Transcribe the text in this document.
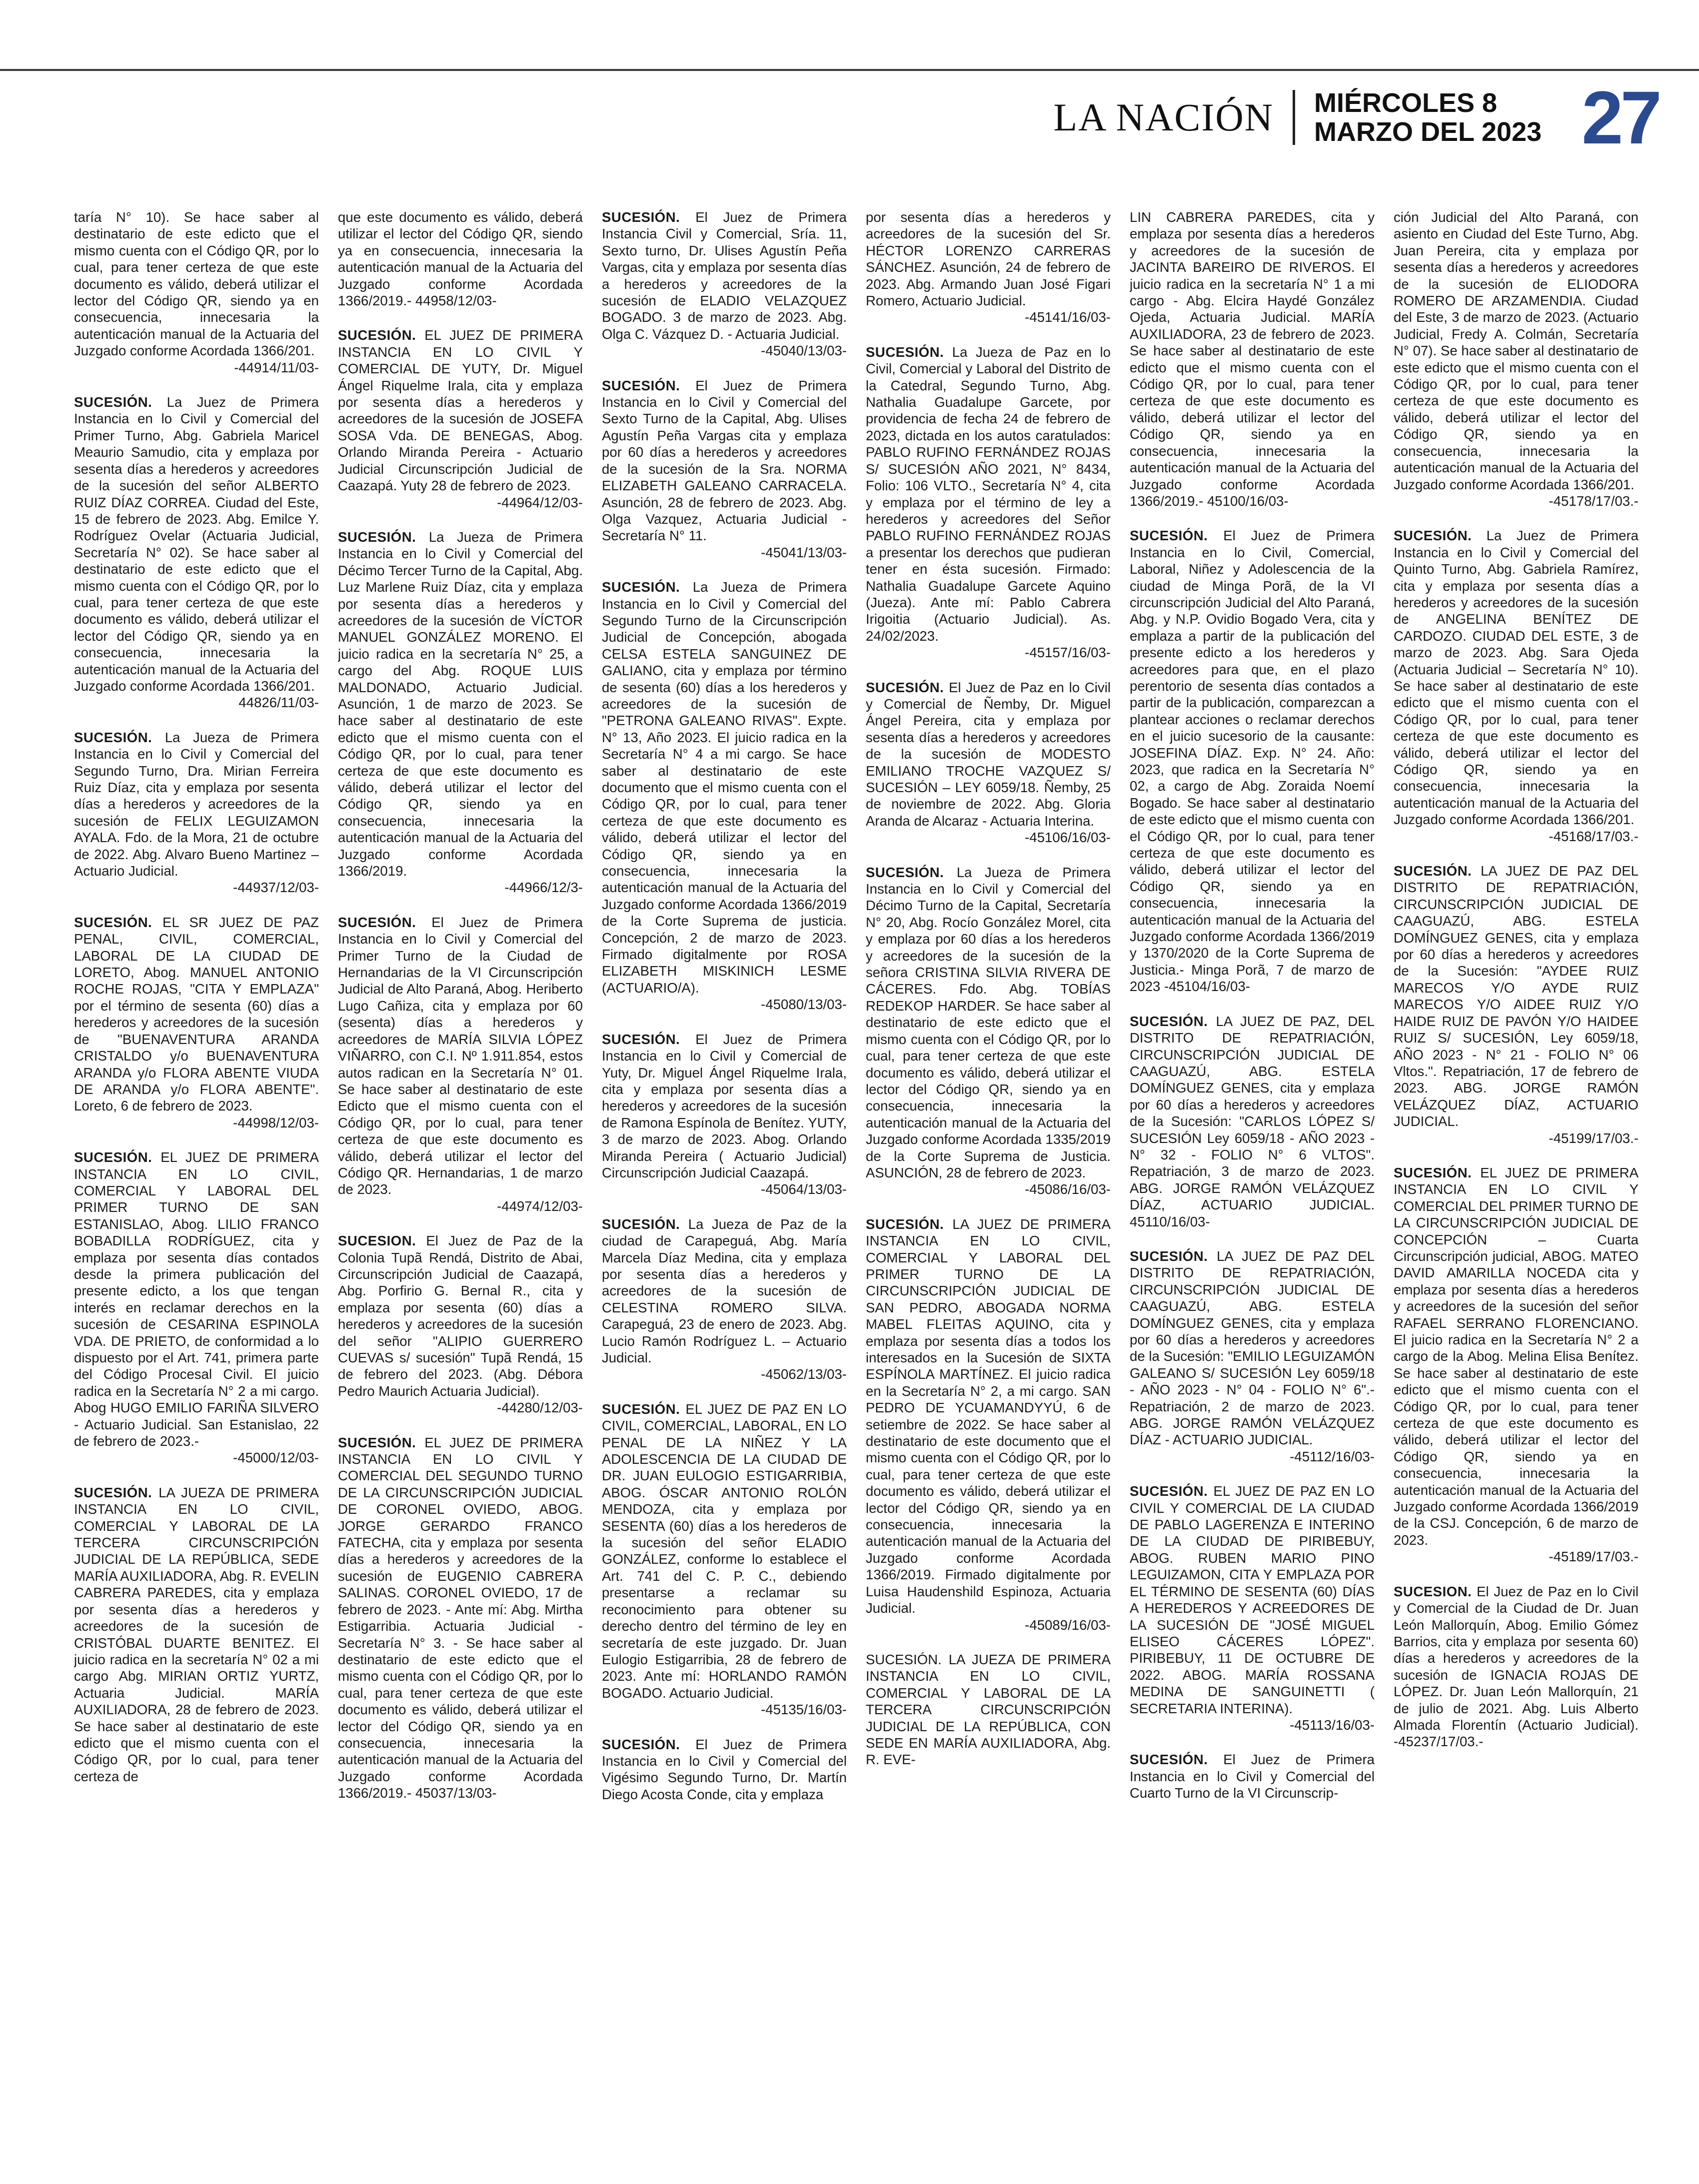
LA NACIÓN	MIÉRCOLES 8
MARZO DEL 2023 27
taría N° 10). Se hace saber al destinatario de este edicto que el mismo cuenta con el Código QR, por lo cual, para tener certeza de que este documento es válido, deberá utilizar el lector del Código QR, siendo ya en consecuencia, innecesaria la autenticación manual de la Actuaria del Juzgado conforme Acordada 1366/201.
-44914/11/03-
SUCESIÓN. La Juez de Primera Instancia en lo Civil y Comercial del Primer Turno, Abg. Gabriela Maricel Meaurio Samudio, cita y emplaza por sesenta días a herederos y acreedores de la sucesión del señor ALBERTO RUIZ DÍAZ CORREA. Ciudad del Este, 15 de febrero de 2023. Abg. Emilce Y. Rodríguez Ovelar (Actuaria Judicial, Secretaría N° 02). Se hace saber al destinatario de este edicto que el mismo cuenta con el Código QR, por lo cual, para tener certeza de que este documento es válido, deberá utilizar el lector del Código QR, siendo ya en consecuencia, innecesaria la autenticación manual de la Actuaria del Juzgado conforme Acordada 1366/201.
44826/11/03-
SUCESIÓN. La Jueza de Primera Instancia en lo Civil y Comercial del Segundo Turno, Dra. Mirian Ferreira Ruiz Díaz, cita y emplaza por sesenta días a herederos y acreedores de la sucesión de FELIX LEGUIZAMON AYALA. Fdo. de la Mora, 21 de octubre de 2022. Abg. Alvaro Bueno Martinez – Actuario Judicial.
-44937/12/03-
SUCESIÓN. EL SR JUEZ DE PAZ PENAL, CIVIL, COMERCIAL, LABORAL DE LA CIUDAD DE LORETO, Abog. MANUEL ANTONIO ROCHE ROJAS, "CITA Y EMPLAZA" por el término de sesenta (60) días a herederos y acreedores de la sucesión de "BUENAVENTURA ARANDA CRISTALDO y/o BUENAVENTURA ARANDA y/o FLORA ABENTE VIUDA DE ARANDA y/o FLORA ABENTE". Loreto, 6 de febrero de 2023.
-44998/12/03-
SUCESIÓN. EL JUEZ DE PRIMERA INSTANCIA EN LO CIVIL, COMERCIAL Y LABORAL DEL PRIMER TURNO DE SAN ESTANISLAO, Abog. LILIO FRANCO BOBADILLA RODRÍGUEZ, cita y emplaza por sesenta días contados desde la primera publicación del presente edicto, a los que tengan interés en reclamar derechos en la sucesión de CESARINA ESPINOLA VDA. DE PRIETO, de conformidad a lo dispuesto por el Art. 741, primera parte del Código Procesal Civil. El juicio radica en la Secretaría N° 2 a mi cargo. Abog HUGO EMILIO FARIÑA SILVERO - Actuario Judicial. San Estanislao, 22 de febrero de 2023.-
-45000/12/03-
SUCESIÓN. LA JUEZA DE PRIMERA INSTANCIA EN LO CIVIL, COMERCIAL Y LABORAL DE LA TERCERA CIRCUNSCRIPCIÓN JUDICIAL DE LA REPÚBLICA, SEDE MARÍA AUXILIADORA, Abg. R. EVELIN CABRERA PAREDES, cita y emplaza por sesenta días a herederos y acreedores de la sucesión de CRISTÓBAL DUARTE BENITEZ. El juicio radica en la secretaría N° 02 a mi cargo Abg. MIRIAN ORTIZ YURTZ, Actuaria Judicial. MARÍA AUXILIADORA, 28 de febrero de 2023. Se hace saber al destinatario de este edicto que el mismo cuenta con el Código QR, por lo cual, para tener certeza de
que este documento es válido, deberá utilizar el lector del Código QR, siendo ya en consecuencia, innecesaria la autenticación manual de la Actuaria del Juzgado conforme Acordada 1366/2019.- 44958/12/03-
SUCESIÓN. EL JUEZ DE PRIMERA INSTANCIA EN LO CIVIL Y COMERCIAL DE YUTY, Dr. Miguel Ángel Riquelme Irala, cita y emplaza por sesenta días a herederos y acreedores de la sucesión de JOSEFA SOSA Vda. DE BENEGAS, Abog. Orlando Miranda Pereira - Actuario Judicial Circunscripción Judicial de Caazapá. Yuty 28 de febrero de 2023.
-44964/12/03-
SUCESIÓN. La Jueza de Primera Instancia en lo Civil y Comercial del Décimo Tercer Turno de la Capital, Abg. Luz Marlene Ruiz Díaz, cita y emplaza por sesenta días a herederos y acreedores de la sucesión de VÍCTOR MANUEL GONZÁLEZ MORENO. El juicio radica en la secretaría N° 25, a cargo del Abg. ROQUE LUIS MALDONADO, Actuario Judicial. Asunción, 1 de marzo de 2023. Se hace saber al destinatario de este edicto que el mismo cuenta con el Código QR, por lo cual, para tener certeza de que este documento es válido, deberá utilizar el lector del Código QR, siendo ya en consecuencia, innecesaria la autenticación manual de la Actuaria del Juzgado conforme Acordada 1366/2019.
-44966/12/3-
SUCESIÓN. El Juez de Primera Instancia en lo Civil y Comercial del Primer Turno de la Ciudad de Hernandarias de la VI Circunscripción Judicial de Alto Paraná, Abog. Heriberto Lugo Cañiza, cita y emplaza por 60 (sesenta) días a herederos y acreedores de MARÍA SILVIA LÓPEZ VIÑARRO, con C.I. Nº 1.911.854, estos autos radican en la Secretaría N° 01. Se hace saber al destinatario de este Edicto que el mismo cuenta con el Código QR, por lo cual, para tener certeza de que este documento es válido, deberá utilizar el lector del Código QR. Hernandarias, 1 de marzo de 2023.
-44974/12/03-
SUCESION. El Juez de Paz de la Colonia Tupã Rendá, Distrito de Abai, Circunscripción Judicial de Caazapá, Abg. Porfirio G. Bernal R., cita y emplaza por sesenta (60) días a herederos y acreedores de la sucesión del señor "ALIPIO GUERRERO CUEVAS s/ sucesión" Tupã Rendá, 15 de febrero del 2023. (Abg. Débora Pedro Maurich Actuaria Judicial).
-44280/12/03-
SUCESIÓN. EL JUEZ DE PRIMERA INSTANCIA EN LO CIVIL Y COMERCIAL DEL SEGUNDO TURNO DE LA CIRCUNSCRIPCIÓN JUDICIAL DE CORONEL OVIEDO, ABOG. JORGE GERARDO FRANCO FATECHA, cita y emplaza por sesenta días a herederos y acreedores de la sucesión de EUGENIO CABRERA SALINAS. CORONEL OVIEDO, 17 de febrero de 2023. - Ante mí: Abg. Mirtha Estigarribia. Actuaria Judicial - Secretaría N° 3. - Se hace saber al destinatario de este edicto que el mismo cuenta con el Código QR, por lo cual, para tener certeza de que este documento es válido, deberá utilizar el lector del Código QR, siendo ya en consecuencia, innecesaria la autenticación manual de la Actuaria del Juzgado conforme Acordada 1366/2019.- 45037/13/03-
SUCESIÓN. El Juez de Primera Instancia Civil y Comercial, Sría. 11, Sexto turno, Dr. Ulises Agustín Peña Vargas, cita y emplaza por sesenta días a herederos y acreedores de la sucesión de ELADIO VELAZQUEZ BOGADO. 3 de marzo de 2023. Abg. Olga C. Vázquez D. - Actuaria Judicial.
-45040/13/03-
SUCESIÓN. El Juez de Primera Instancia en lo Civil y Comercial del Sexto Turno de la Capital, Abg. Ulises Agustín Peña Vargas cita y emplaza por 60 días a herederos y acreedores de la sucesión de la Sra. NORMA ELIZABETH GALEANO CARRACELA. Asunción, 28 de febrero de 2023. Abg. Olga Vazquez, Actuaria Judicial - Secretaría N° 11.
-45041/13/03-
SUCESIÓN. La Jueza de Primera Instancia en lo Civil y Comercial del Segundo Turno de la Circunscripción Judicial de Concepción, abogada CELSA ESTELA SANGUINEZ DE GALIANO, cita y emplaza por término de sesenta (60) días a los herederos y acreedores de la sucesión de "PETRONA GALEANO RIVAS". Expte. N° 13, Año 2023. El juicio radica en la Secretaría N° 4 a mi cargo. Se hace saber al destinatario de este documento que el mismo cuenta con el Código QR, por lo cual, para tener certeza de que este documento es válido, deberá utilizar el lector del Código QR, siendo ya en consecuencia, innecesaria la autenticación manual de la Actuaria del Juzgado conforme Acordada 1366/2019 de la Corte Suprema de justicia. Concepción, 2 de marzo de 2023. Firmado digitalmente por ROSA ELIZABETH MISKINICH LESME (ACTUARIO/A).
-45080/13/03-
SUCESIÓN. El Juez de Primera Instancia en lo Civil y Comercial de Yuty, Dr. Miguel Ángel Riquelme Irala, cita y emplaza por sesenta días a herederos y acreedores de la sucesión de Ramona Espínola de Benítez. YUTY, 3 de marzo de 2023. Abog. Orlando Miranda Pereira ( Actuario Judicial) Circunscripción Judicial Caazapá.
-45064/13/03-
SUCESIÓN. La Jueza de Paz de la ciudad de Carapeguá, Abg. María Marcela Díaz Medina, cita y emplaza por sesenta días a herederos y acreedores de la sucesión de CELESTINA ROMERO SILVA. Carapeguá, 23 de enero de 2023. Abg. Lucio Ramón Rodríguez L. – Actuario Judicial.
-45062/13/03-
SUCESIÓN. EL JUEZ DE PAZ EN LO CIVIL, COMERCIAL, LABORAL, EN LO PENAL DE LA NIÑEZ Y LA ADOLESCENCIA DE LA CIUDAD DE DR. JUAN EULOGIO ESTIGARRIBIA, ABOG. ÓSCAR ANTONIO ROLÓN MENDOZA, cita y emplaza por SESENTA (60) días a los herederos de la sucesión del señor ELADIO GONZÁLEZ, conforme lo establece el Art. 741 del C. P. C., debiendo presentarse a reclamar su reconocimiento para obtener su derecho dentro del término de ley en secretaría de este juzgado. Dr. Juan Eulogio Estigarribia, 28 de febrero de 2023. Ante mí: HORLANDO RAMÓN BOGADO. Actuario Judicial.
-45135/16/03-
SUCESIÓN. El Juez de Primera Instancia en lo Civil y Comercial del Vigésimo Segundo Turno, Dr. Martín Diego Acosta Conde, cita y emplaza
por sesenta días a herederos y acreedores de la sucesión del Sr. HÉCTOR LORENZO CARRERAS SÁNCHEZ. Asunción, 24 de febrero de 2023. Abg. Armando Juan José Figari Romero, Actuario Judicial.
-45141/16/03-
SUCESIÓN. La Jueza de Paz en lo Civil, Comercial y Laboral del Distrito de la Catedral, Segundo Turno, Abg. Nathalia Guadalupe Garcete, por providencia de fecha 24 de febrero de 2023, dictada en los autos caratulados: PABLO RUFINO FERNÁNDEZ ROJAS S/ SUCESIÓN AÑO 2021, N° 8434, Folio: 106 VLTO., Secretaría N° 4, cita y emplaza por el término de ley a herederos y acreedores del Señor PABLO RUFINO FERNÁNDEZ ROJAS a presentar los derechos que pudieran tener en ésta sucesión. Firmado: Nathalia Guadalupe Garcete Aquino (Jueza). Ante mí: Pablo Cabrera Irigoitia (Actuario Judicial). As. 24/02/2023.
-45157/16/03-
SUCESIÓN. El Juez de Paz en lo Civil y Comercial de Ñemby, Dr. Miguel Ángel Pereira, cita y emplaza por sesenta días a herederos y acreedores de la sucesión de MODESTO EMILIANO TROCHE VAZQUEZ S/ SUCESIÓN – LEY 6059/18. Ñemby, 25 de noviembre de 2022. Abg. Gloria Aranda de Alcaraz - Actuaria Interina.
-45106/16/03-
SUCESIÓN. La Jueza de Primera Instancia en lo Civil y Comercial del Décimo Turno de la Capital, Secretaría N° 20, Abg. Rocío González Morel, cita y emplaza por 60 días a los herederos y acreedores de la sucesión de la señora CRISTINA SILVIA RIVERA DE CÁCERES. Fdo. Abg. TOBÍAS REDEKOP HARDER. Se hace saber al destinatario de este edicto que el mismo cuenta con el Código QR, por lo cual, para tener certeza de que este documento es válido, deberá utilizar el lector del Código QR, siendo ya en consecuencia, innecesaria la autenticación manual de la Actuaria del Juzgado conforme Acordada 1335/2019 de la Corte Suprema de Justicia. ASUNCIÓN, 28 de febrero de 2023.
-45086/16/03-
SUCESIÓN. LA JUEZ DE PRIMERA INSTANCIA EN LO CIVIL, COMERCIAL Y LABORAL DEL PRIMER TURNO DE LA CIRCUNSCRIPCIÓN JUDICIAL DE SAN PEDRO, ABOGADA NORMA MABEL FLEITAS AQUINO, cita y emplaza por sesenta días a todos los interesados en la Sucesión de SIXTA ESPÍNOLA MARTÍNEZ. El juicio radica en la Secretaría N° 2, a mi cargo. SAN PEDRO DE YCUAMANDYYÚ, 6 de setiembre de 2022. Se hace saber al destinatario de este documento que el mismo cuenta con el Código QR, por lo cual, para tener certeza de que este documento es válido, deberá utilizar el lector del Código QR, siendo ya en consecuencia, innecesaria la autenticación manual de la Actuaria del Juzgado conforme Acordada 1366/2019. Firmado digitalmente por Luisa Haudenshild Espinoza, Actuaria Judicial.
-45089/16/03-
SUCESIÓN. LA JUEZA DE PRIMERA INSTANCIA EN LO CIVIL, COMERCIAL Y LABORAL DE LA TERCERA CIRCUNSCRIPCIÓN JUDICIAL DE LA REPÚBLICA, CON SEDE EN MARÍA AUXILIADORA, Abg. R. EVE-
LIN CABRERA PAREDES, cita y emplaza por sesenta días a herederos y acreedores de la sucesión de JACINTA BAREIRO DE RIVEROS. El juicio radica en la secretaría N° 1 a mi cargo - Abg. Elcira Haydé González Ojeda, Actuaria Judicial. MARÍA AUXILIADORA, 23 de febrero de 2023. Se hace saber al destinatario de este edicto que el mismo cuenta con el Código QR, por lo cual, para tener certeza de que este documento es válido, deberá utilizar el lector del Código QR, siendo ya en consecuencia, innecesaria la autenticación manual de la Actuaria del Juzgado conforme Acordada 1366/2019.- 45100/16/03-
SUCESIÓN. El Juez de Primera Instancia en lo Civil, Comercial, Laboral, Niñez y Adolescencia de la ciudad de Minga Porã, de la VI circunscripción Judicial del Alto Paraná, Abg. y N.P. Ovidio Bogado Vera, cita y emplaza a partir de la publicación del presente edicto a los herederos y acreedores para que, en el plazo perentorio de sesenta días contados a partir de la publicación, comparezcan a plantear acciones o reclamar derechos en el juicio sucesorio de la causante: JOSEFINA DÍAZ. Exp. N° 24. Año: 2023, que radica en la Secretaría N° 02, a cargo de Abg. Zoraida Noemí Bogado. Se hace saber al destinatario de este edicto que el mismo cuenta con el Código QR, por lo cual, para tener certeza de que este documento es válido, deberá utilizar el lector del Código QR, siendo ya en consecuencia, innecesaria la autenticación manual de la Actuaria del Juzgado conforme Acordada 1366/2019 y 1370/2020 de la Corte Suprema de Justicia.- Minga Porã, 7 de marzo de 2023 -45104/16/03-
SUCESIÓN. LA JUEZ DE PAZ, DEL DISTRITO DE REPATRIACIÓN, CIRCUNSCRIPCIÓN JUDICIAL DE CAAGUAZÚ, ABG. ESTELA DOMÍNGUEZ GENES, cita y emplaza por 60 días a herederos y acreedores de la Sucesión: "CARLOS LÓPEZ S/ SUCESIÓN Ley 6059/18 - AÑO 2023 - N° 32 - FOLIO N° 6 VLTOS". Repatriación, 3 de marzo de 2023. ABG. JORGE RAMÓN VELÁZQUEZ DÍAZ, ACTUARIO JUDICIAL. 45110/16/03-
SUCESIÓN. LA JUEZ DE PAZ DEL DISTRITO DE REPATRIACIÓN, CIRCUNSCRIPCIÓN JUDICIAL DE CAAGUAZÚ, ABG. ESTELA DOMÍNGUEZ GENES, cita y emplaza por 60 días a herederos y acreedores de la Sucesión: "EMILIO LEGUIZAMÓN GALEANO S/ SUCESIÓN Ley 6059/18 - AÑO 2023 - N° 04 - FOLIO N° 6".- Repatriación, 2 de marzo de 2023. ABG. JORGE RAMÓN VELÁZQUEZ DÍAZ - ACTUARIO JUDICIAL.
-45112/16/03-
SUCESIÓN. EL JUEZ DE PAZ EN LO CIVIL Y COMERCIAL DE LA CIUDAD DE PABLO LAGERENZA E INTERINO DE LA CIUDAD DE PIRIBEBUY, ABOG. RUBEN MARIO PINO LEGUIZAMON, CITA Y EMPLAZA POR EL TÉRMINO DE SESENTA (60) DÍAS A HEREDEROS Y ACREEDORES DE LA SUCESIÓN DE "JOSÉ MIGUEL ELISEO CÁCERES LÓPEZ". PIRIBEBUY, 11 DE OCTUBRE DE 2022. ABOG. MARÍA ROSSANA MEDINA DE SANGUINETTI ( SECRETARIA INTERINA).
-45113/16/03-
SUCESIÓN. El Juez de Primera Instancia en lo Civil y Comercial del Cuarto Turno de la VI Circunscrip-
ción Judicial del Alto Paraná, con asiento en Ciudad del Este Turno, Abg. Juan Pereira, cita y emplaza por sesenta días a herederos y acreedores de la sucesión de ELIODORA ROMERO DE ARZAMENDIA. Ciudad del Este, 3 de marzo de 2023. (Actuario Judicial, Fredy A. Colmán, Secretaría N° 07). Se hace saber al destinatario de este edicto que el mismo cuenta con el Código QR, por lo cual, para tener certeza de que este documento es válido, deberá utilizar el lector del Código QR, siendo ya en consecuencia, innecesaria la autenticación manual de la Actuaria del Juzgado conforme Acordada 1366/201.
-45178/17/03.-
SUCESIÓN. La Juez de Primera Instancia en lo Civil y Comercial del Quinto Turno, Abg. Gabriela Ramírez, cita y emplaza por sesenta días a herederos y acreedores de la sucesión de ANGELINA BENÍTEZ DE CARDOZO. CIUDAD DEL ESTE, 3 de marzo de 2023. Abg. Sara Ojeda (Actuaria Judicial – Secretaría N° 10). Se hace saber al destinatario de este edicto que el mismo cuenta con el Código QR, por lo cual, para tener certeza de que este documento es válido, deberá utilizar el lector del Código QR, siendo ya en consecuencia, innecesaria la autenticación manual de la Actuaria del Juzgado conforme Acordada 1366/201.
-45168/17/03.-
SUCESIÓN. LA JUEZ DE PAZ DEL DISTRITO DE REPATRIACIÓN, CIRCUNSCRIPCIÓN JUDICIAL DE CAAGUAZÚ, ABG. ESTELA DOMÍNGUEZ GENES, cita y emplaza por 60 días a herederos y acreedores de la Sucesión: "AYDEE RUIZ MARECOS Y/O AYDE RUIZ MARECOS Y/O AIDEE RUIZ Y/O HAIDE RUIZ DE PAVÓN Y/O HAIDEE RUIZ S/ SUCESIÓN, Ley 6059/18, AÑO 2023 - N° 21 - FOLIO N° 06 Vltos.". Repatriación, 17 de febrero de 2023. ABG. JORGE RAMÓN VELÁZQUEZ DÍAZ, ACTUARIO JUDICIAL.
-45199/17/03.-
SUCESIÓN. EL JUEZ DE PRIMERA INSTANCIA EN LO CIVIL Y COMERCIAL DEL PRIMER TURNO DE LA CIRCUNSCRIPCIÓN JUDICIAL DE CONCEPCIÓN – Cuarta Circunscripción judicial, ABOG. MATEO DAVID AMARILLA NOCEDA cita y emplaza por sesenta días a herederos y acreedores de la sucesión del señor RAFAEL SERRANO FLORENCIANO. El juicio radica en la Secretaría N° 2 a cargo de la Abog. Melina Elisa Benítez. Se hace saber al destinatario de este edicto que el mismo cuenta con el Código QR, por lo cual, para tener certeza de que este documento es válido, deberá utilizar el lector del Código QR, siendo ya en consecuencia, innecesaria la autenticación manual de la Actuaria del Juzgado conforme Acordada 1366/2019 de la CSJ. Concepción, 6 de marzo de 2023.
-45189/17/03.-
SUCESION. El Juez de Paz en lo Civil y Comercial de la Ciudad de Dr. Juan León Mallorquín, Abog. Emilio Gómez Barrios, cita y emplaza por sesenta 60) días a herederos y acreedores de la sucesión de IGNACIA ROJAS DE LÓPEZ. Dr. Juan León Mallorquín, 21 de julio de 2021. Abg. Luis Alberto Almada Florentín (Actuario Judicial). -45237/17/03.-
